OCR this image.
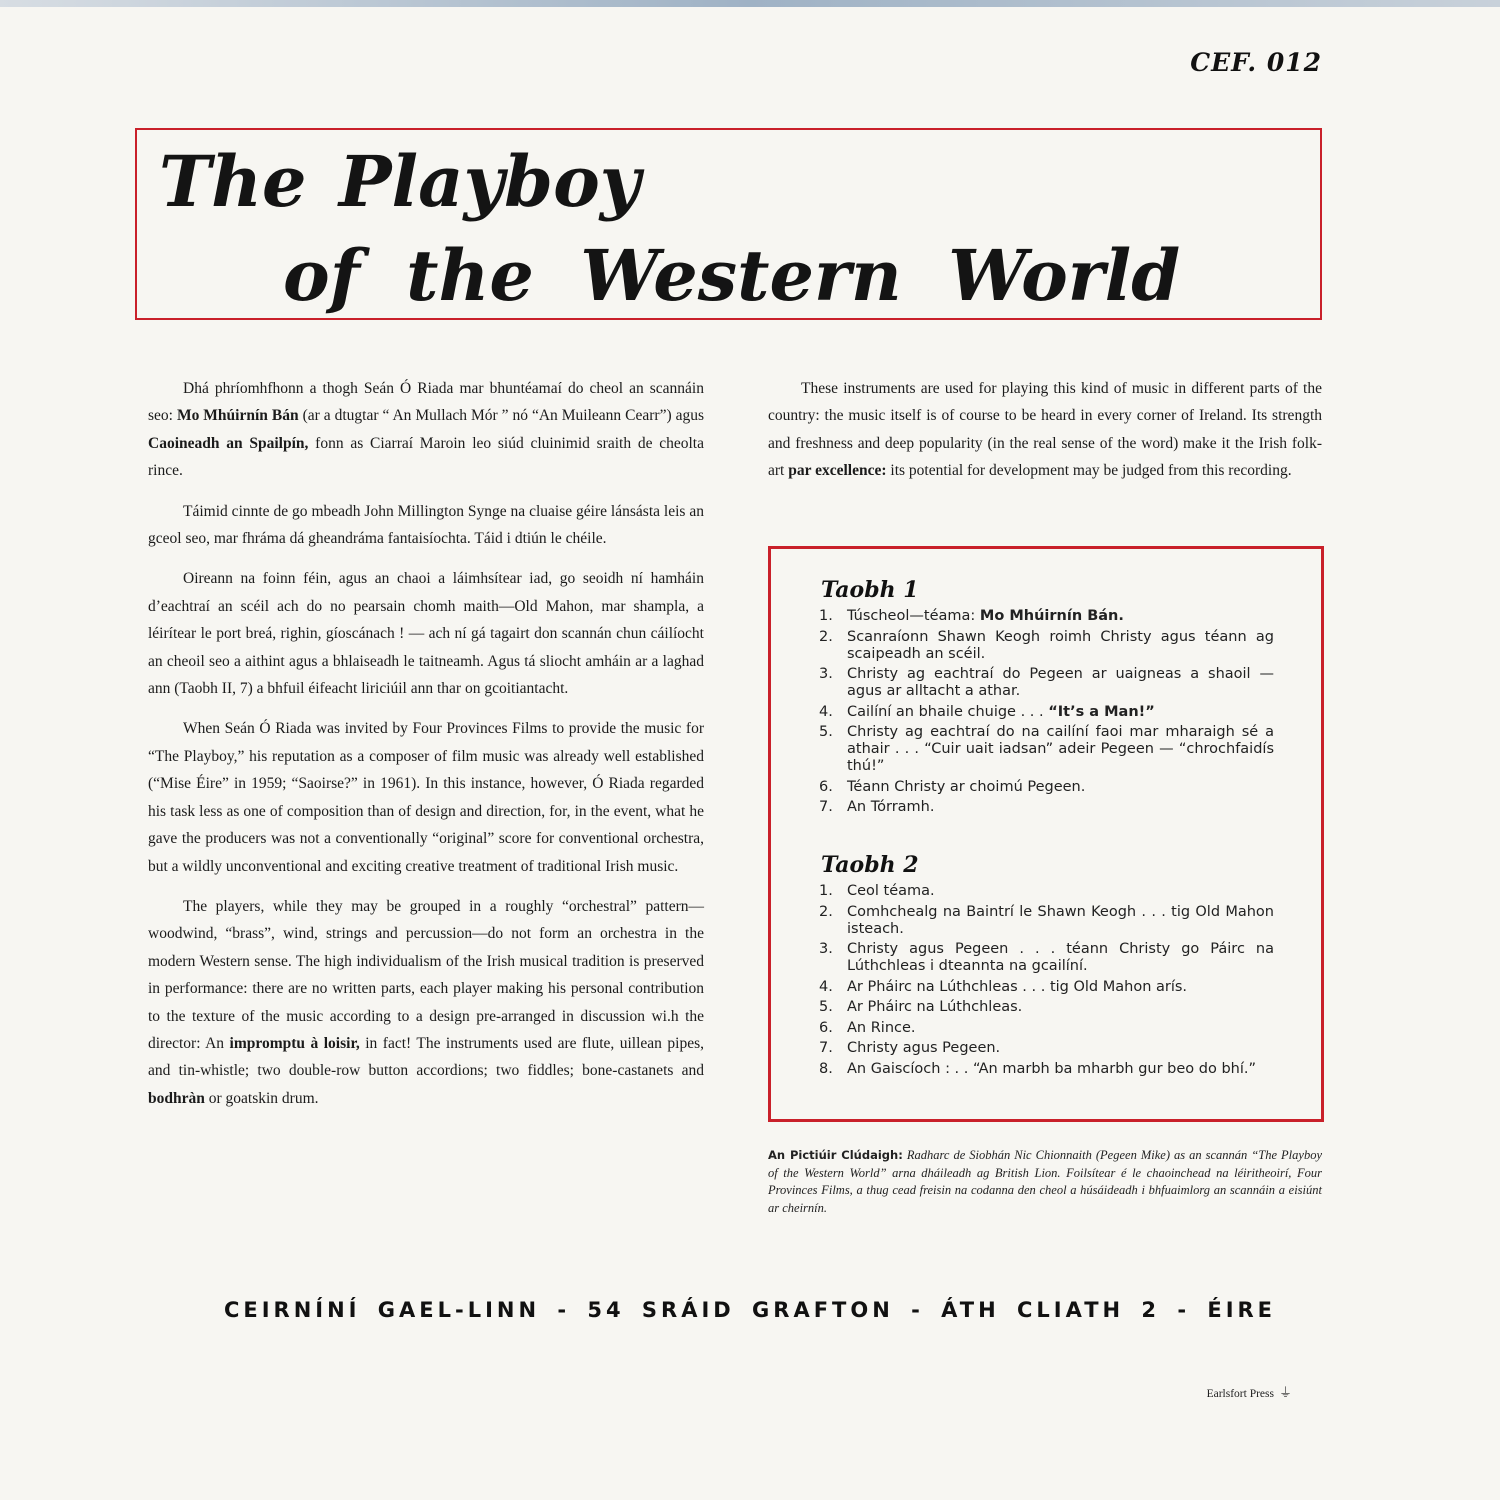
CEF. 012
The Playboy
of the Western World

Dhá phríomhfhonn a thogh Seán Ó Riada mar bhuntéamaí do cheol an scannáin seo: Mo Mhúirnín Bán (ar a dtugtar “ An Mullach Mór ” nó “An Muileann Cearr”) agus Caoineadh an Spailpín, fonn as Ciarraí Maroin leo siúd cluinimid sraith de cheolta rince.

Táimid cinnte de go mbeadh John Millington Synge na cluaise géire lánsásta leis an gceol seo, mar fhráma dá gheandráma fantaisíochta. Táid i dtiún le chéile.

Oireann na foinn féin, agus an chaoi a láimhsítear iad, go seoidh ní hamháin d’eachtraí an scéil ach do no pearsain chomh maith—Old Mahon, mar shampla, a léirítear le port breá, righin, gíoscánach ! — ach ní gá tagairt don scannán chun cáilíocht an cheoil seo a aithint agus a bhlaiseadh le taitneamh. Agus tá sliocht amháin ar a laghad ann (Taobh II, 7) a bhfuil éifeacht liriciúil ann thar on gcoitiantacht.

When Seán Ó Riada was invited by Four Provinces Films to provide the music for “The Playboy,” his reputation as a composer of film music was already well established (“Mise Éire” in 1959; “Saoirse?” in 1961). In this instance, however, Ó Riada regarded his task less as one of composition than of design and direction, for, in the event, what he gave the producers was not a conventionally “original” score for conventional orchestra, but a wildly unconventional and exciting creative treatment of traditional Irish music.

The players, while they may be grouped in a roughly “orchestral” pattern—woodwind, “brass”, wind, strings and percussion—do not form an orchestra in the modern Western sense. The high individualism of the Irish musical tradition is preserved in performance: there are no written parts, each player making his personal contribution to the texture of the music according to a design pre-arranged in discussion wi.h the director: An impromptu à loisir, in fact! The instruments used are flute, uillean pipes, and tin-whistle; two double-row button accordions; two fiddles; bone-castanets and bodhràn or goatskin drum.

These instruments are used for playing this kind of music in different parts of the country: the music itself is of course to be heard in every corner of Ireland. Its strength and freshness and deep popularity (in the real sense of the word) make it the Irish folk-art par excellence: its potential for development may be judged from this recording.

Taobh 1
1. Túscheol—téama: Mo Mhúirnín Bán.
2. Scanraíonn Shawn Keogh roimh Christy agus téann ag scaipeadh an scéil.
3. Christy ag eachtraí do Pegeen ar uaigneas a shaoil — agus ar alltacht a athar.
4. Cailíní an bhaile chuige . . . “It’s a Man!”
5. Christy ag eachtraí do na cailíní faoi mar mharaigh sé a athair . . . “Cuir uait iadsan” adeir Pegeen — “chrochfaidís thú!”
6. Téann Christy ar choimú Pegeen.
7. An Tórramh.
Taobh 2
1. Ceol téama.
2. Comhchealg na Baintrí le Shawn Keogh . . . tig Old Mahon isteach.
3. Christy agus Pegeen . . . téann Christy go Páirc na Lúthchleas i dteannta na gcailíní.
4. Ar Pháirc na Lúthchleas . . . tig Old Mahon arís.
5. Ar Pháirc na Lúthchleas.
6. An Rince.
7. Christy agus Pegeen.
8. An Gaiscíoch : . . “An marbh ba mharbh gur beo do bhí.”
An Pictiúir Clúdaigh: Radharc de Siobhán Nic Chionnaith (Pegeen Mike) as an scannán “The Playboy of the Western World” arna dháileadh ag British Lion. Foilsítear é le chaoinchead na léiritheoirí, Four Provinces Films, a thug cead freisin na codanna den cheol a húsáideadh i bhfuaimlorg an scannáin a eisiúnt ar cheirnín.
CEIRNÍNÍ GAEL-LINN - 54 SRÁID GRAFTON - ÁTH CLIATH 2 - ÉIRE
Earlsfort Press ⏚
